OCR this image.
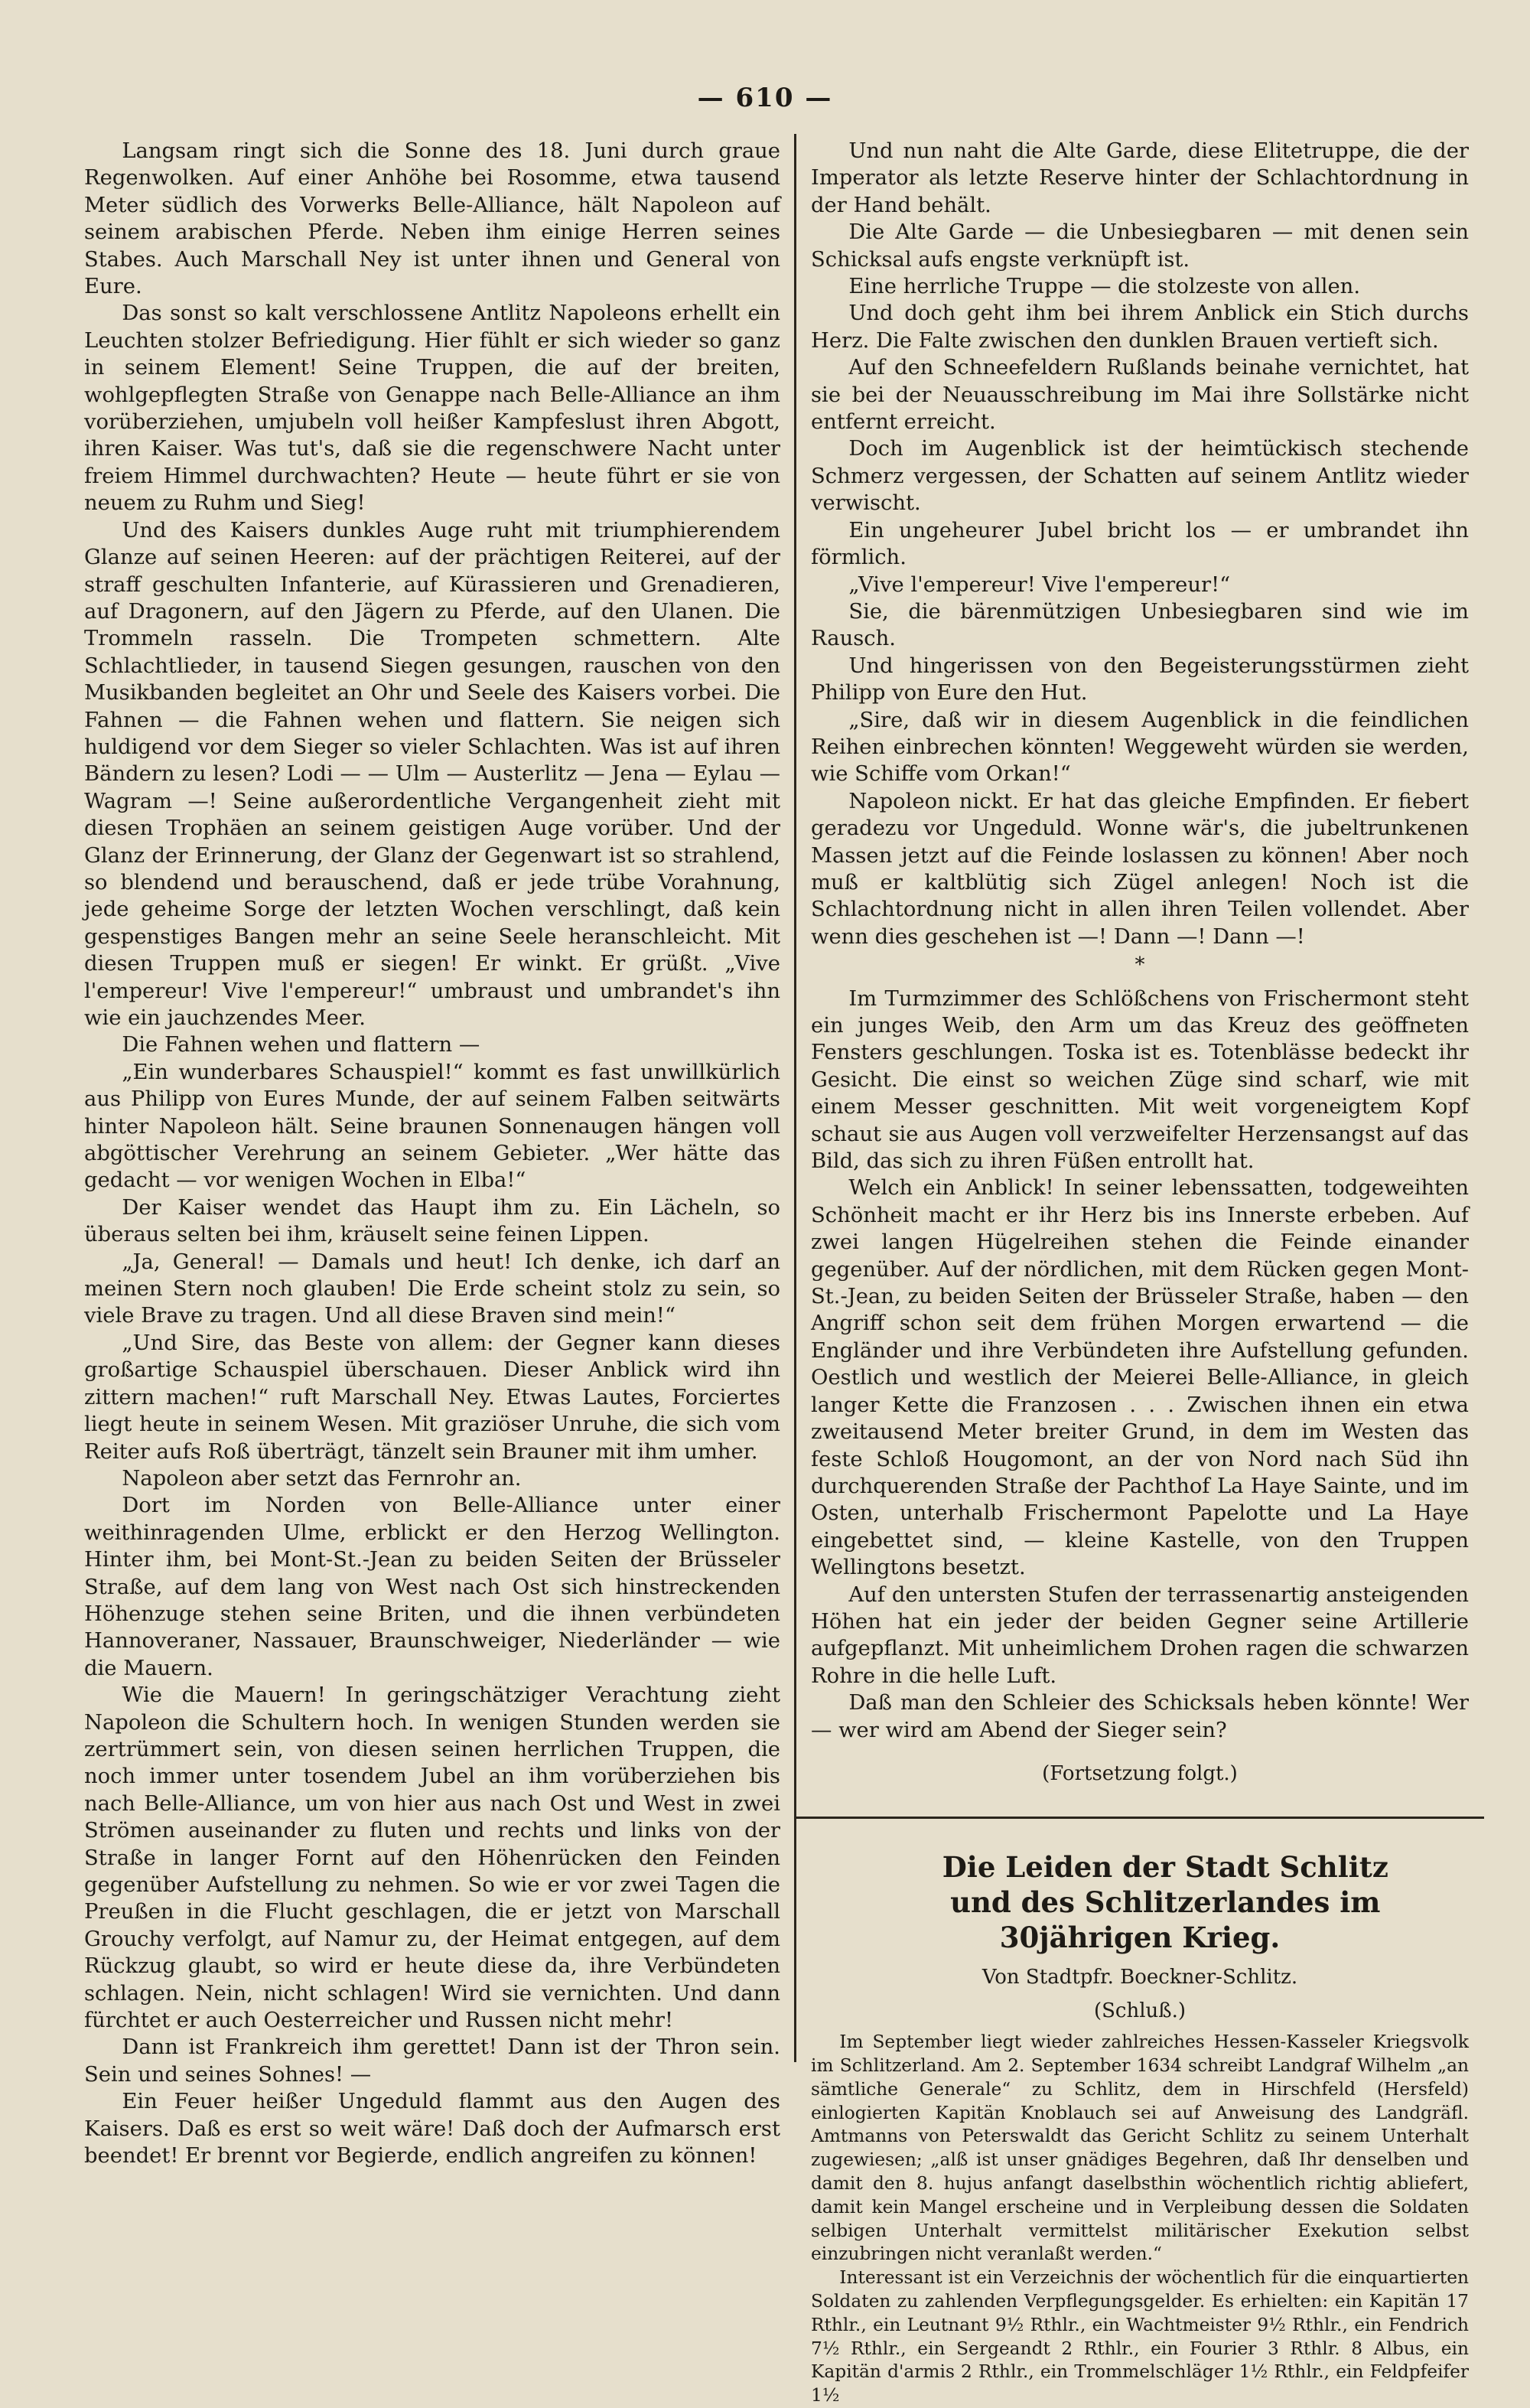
— 610 —

Langsam ringt sich die Sonne des 18. Juni durch graue Regenwolken. Auf einer Anhöhe bei Rosomme, etwa tausend Meter südlich des Vorwerks Belle-Alliance, hält Napoleon auf seinem arabischen Pferde. Neben ihm einige Herren seines Stabes. Auch Marschall Ney ist unter ihnen und General von Eure.

Das sonst so kalt verschlossene Antlitz Napoleons erhellt ein Leuchten stolzer Befriedigung. Hier fühlt er sich wieder so ganz in seinem Element! Seine Truppen, die auf der breiten, wohlgepflegten Straße von Genappe nach Belle-Alliance an ihm vorüberziehen, umjubeln voll heißer Kampfeslust ihren Abgott, ihren Kaiser. Was tut's, daß sie die regenschwere Nacht unter freiem Himmel durchwachten? Heute — heute führt er sie von neuem zu Ruhm und Sieg!

Und des Kaisers dunkles Auge ruht mit triumphierendem Glanze auf seinen Heeren: auf der prächtigen Reiterei, auf der straff geschulten Infanterie, auf Kürassieren und Grenadieren, auf Dragonern, auf den Jägern zu Pferde, auf den Ulanen. Die Trommeln rasseln. Die Trompeten schmettern. Alte Schlachtlieder, in tausend Siegen gesungen, rauschen von den Musikbanden begleitet an Ohr und Seele des Kaisers vorbei. Die Fahnen — die Fahnen wehen und flattern. Sie neigen sich huldigend vor dem Sieger so vieler Schlachten. Was ist auf ihren Bändern zu lesen? Lodi — — Ulm — Austerlitz — Jena — Eylau — Wagram —! Seine außerordentliche Vergangenheit zieht mit diesen Trophäen an seinem geistigen Auge vorüber. Und der Glanz der Erinnerung, der Glanz der Gegenwart ist so strahlend, so blendend und berauschend, daß er jede trübe Vorahnung, jede geheime Sorge der letzten Wochen verschlingt, daß kein gespenstiges Bangen mehr an seine Seele heranschleicht. Mit diesen Truppen muß er siegen! Er winkt. Er grüßt. „Vive l'empereur! Vive l'empereur!“ umbraust und umbrandet's ihn wie ein jauchzendes Meer.

Die Fahnen wehen und flattern —

„Ein wunderbares Schauspiel!“ kommt es fast unwillkürlich aus Philipp von Eures Munde, der auf seinem Falben seitwärts hinter Napoleon hält. Seine braunen Sonnenaugen hängen voll abgöttischer Verehrung an seinem Gebieter. „Wer hätte das gedacht — vor wenigen Wochen in Elba!“

Der Kaiser wendet das Haupt ihm zu. Ein Lächeln, so überaus selten bei ihm, kräuselt seine feinen Lippen.

„Ja, General! — Damals und heut! Ich denke, ich darf an meinen Stern noch glauben! Die Erde scheint stolz zu sein, so viele Brave zu tragen. Und all diese Braven sind mein!“

„Und Sire, das Beste von allem: der Gegner kann dieses großartige Schauspiel überschauen. Dieser Anblick wird ihn zittern machen!“ ruft Marschall Ney. Etwas Lautes, Forciertes liegt heute in seinem Wesen. Mit graziöser Unruhe, die sich vom Reiter aufs Roß überträgt, tänzelt sein Brauner mit ihm umher.

Napoleon aber setzt das Fernrohr an.

Dort im Norden von Belle-Alliance unter einer weithinragenden Ulme, erblickt er den Herzog Wellington. Hinter ihm, bei Mont-St.-Jean zu beiden Seiten der Brüsseler Straße, auf dem lang von West nach Ost sich hinstreckenden Höhenzuge stehen seine Briten, und die ihnen verbündeten Hannoveraner, Nassauer, Braunschweiger, Niederländer — wie die Mauern.

Wie die Mauern! In geringschätziger Verachtung zieht Napoleon die Schultern hoch. In wenigen Stunden werden sie zertrümmert sein, von diesen seinen herrlichen Truppen, die noch immer unter tosendem Jubel an ihm vorüberziehen bis nach Belle-Alliance, um von hier aus nach Ost und West in zwei Strömen auseinander zu fluten und rechts und links von der Straße in langer Fornt auf den Höhenrücken den Feinden gegenüber Aufstellung zu nehmen. So wie er vor zwei Tagen die Preußen in die Flucht geschlagen, die er jetzt von Marschall Grouchy verfolgt, auf Namur zu, der Heimat entgegen, auf dem Rückzug glaubt, so wird er heute diese da, ihre Verbündeten schlagen. Nein, nicht schlagen! Wird sie vernichten. Und dann fürchtet er auch Oesterreicher und Russen nicht mehr!

Dann ist Frankreich ihm gerettet! Dann ist der Thron sein. Sein und seines Sohnes! —

Ein Feuer heißer Ungeduld flammt aus den Augen des Kaisers. Daß es erst so weit wäre! Daß doch der Aufmarsch erst beendet! Er brennt vor Begierde, endlich angreifen zu können!

Und nun naht die Alte Garde, diese Elitetruppe, die der Imperator als letzte Reserve hinter der Schlachtordnung in der Hand behält.

Die Alte Garde — die Unbesiegbaren — mit denen sein Schicksal aufs engste verknüpft ist.

Eine herrliche Truppe — die stolzeste von allen.

Und doch geht ihm bei ihrem Anblick ein Stich durchs Herz. Die Falte zwischen den dunklen Brauen vertieft sich.

Auf den Schneefeldern Rußlands beinahe vernichtet, hat sie bei der Neuausschreibung im Mai ihre Sollstärke nicht entfernt erreicht.

Doch im Augenblick ist der heimtückisch stechende Schmerz vergessen, der Schatten auf seinem Antlitz wieder verwischt.

Ein ungeheurer Jubel bricht los — er umbrandet ihn förmlich.

„Vive l'empereur! Vive l'empereur!“

Sie, die bärenmützigen Unbesiegbaren sind wie im Rausch.

Und hingerissen von den Begeisterungsstürmen zieht Philipp von Eure den Hut.

„Sire, daß wir in diesem Augenblick in die feindlichen Reihen einbrechen könnten! Weggeweht würden sie werden, wie Schiffe vom Orkan!“

Napoleon nickt. Er hat das gleiche Empfinden. Er fiebert geradezu vor Ungeduld. Wonne wär's, die jubeltrunkenen Massen jetzt auf die Feinde loslassen zu können! Aber noch muß er kaltblütig sich Zügel anlegen! Noch ist die Schlachtordnung nicht in allen ihren Teilen vollendet. Aber wenn dies geschehen ist —! Dann —! Dann —!

*

Im Turmzimmer des Schlößchens von Frischermont steht ein junges Weib, den Arm um das Kreuz des geöffneten Fensters geschlungen. Toska ist es. Totenblässe bedeckt ihr Gesicht. Die einst so weichen Züge sind scharf, wie mit einem Messer geschnitten. Mit weit vorgeneigtem Kopf schaut sie aus Augen voll verzweifelter Herzensangst auf das Bild, das sich zu ihren Füßen entrollt hat.

Welch ein Anblick! In seiner lebenssatten, todgeweihten Schönheit macht er ihr Herz bis ins Innerste erbeben. Auf zwei langen Hügelreihen stehen die Feinde einander gegenüber. Auf der nördlichen, mit dem Rücken gegen Mont-St.-Jean, zu beiden Seiten der Brüsseler Straße, haben — den Angriff schon seit dem frühen Morgen erwartend — die Engländer und ihre Verbündeten ihre Aufstellung gefunden. Oestlich und westlich der Meierei Belle-Alliance, in gleich langer Kette die Franzosen . . . Zwischen ihnen ein etwa zweitausend Meter breiter Grund, in dem im Westen das feste Schloß Hougomont, an der von Nord nach Süd ihn durchquerenden Straße der Pachthof La Haye Sainte, und im Osten, unterhalb Frischermont Papelotte und La Haye eingebettet sind, — kleine Kastelle, von den Truppen Wellingtons besetzt.

Auf den untersten Stufen der terrassenartig ansteigenden Höhen hat ein jeder der beiden Gegner seine Artillerie aufgepflanzt. Mit unheimlichem Drohen ragen die schwarzen Rohre in die helle Luft.

Daß man den Schleier des Schicksals heben könnte! Wer — wer wird am Abend der Sieger sein?

(Fortsetzung folgt.)

Die Leiden der Stadt Schlitz

und des Schlitzerlandes im 30jährigen Krieg.

Von Stadtpfr. Boeckner-Schlitz.
(Schluß.)

Im September liegt wieder zahlreiches Hessen-Kasseler Kriegsvolk im Schlitzerland. Am 2. September 1634 schreibt Landgraf Wilhelm „an sämtliche Generale“ zu Schlitz, dem in Hirschfeld (Hersfeld) einlogierten Kapitän Knoblauch sei auf Anweisung des Landgräfl. Amtmanns von Peterswaldt das Gericht Schlitz zu seinem Unterhalt zugewiesen; „alß ist unser gnädiges Begehren, daß Ihr denselben und damit den 8. hujus anfangt daselbsthin wöchentlich richtig abliefert, damit kein Mangel erscheine und in Verpleibung dessen die Soldaten selbigen Unterhalt vermittelst militärischer Exekution selbst einzubringen nicht veranlaßt werden.“

Interessant ist ein Verzeichnis der wöchentlich für die einquartierten Soldaten zu zahlenden Verpflegungsgelder. Es erhielten: ein Kapitän 17 Rthlr., ein Leutnant 9½ Rthlr., ein Wachtmeister 9½ Rthlr., ein Fendrich 7½ Rthlr., ein Sergeandt 2 Rthlr., ein Fourier 3 Rthlr. 8 Albus, ein Kapitän d'armis 2 Rthlr., ein Trommelschläger 1½ Rthlr., ein Feldpfeifer 1½
